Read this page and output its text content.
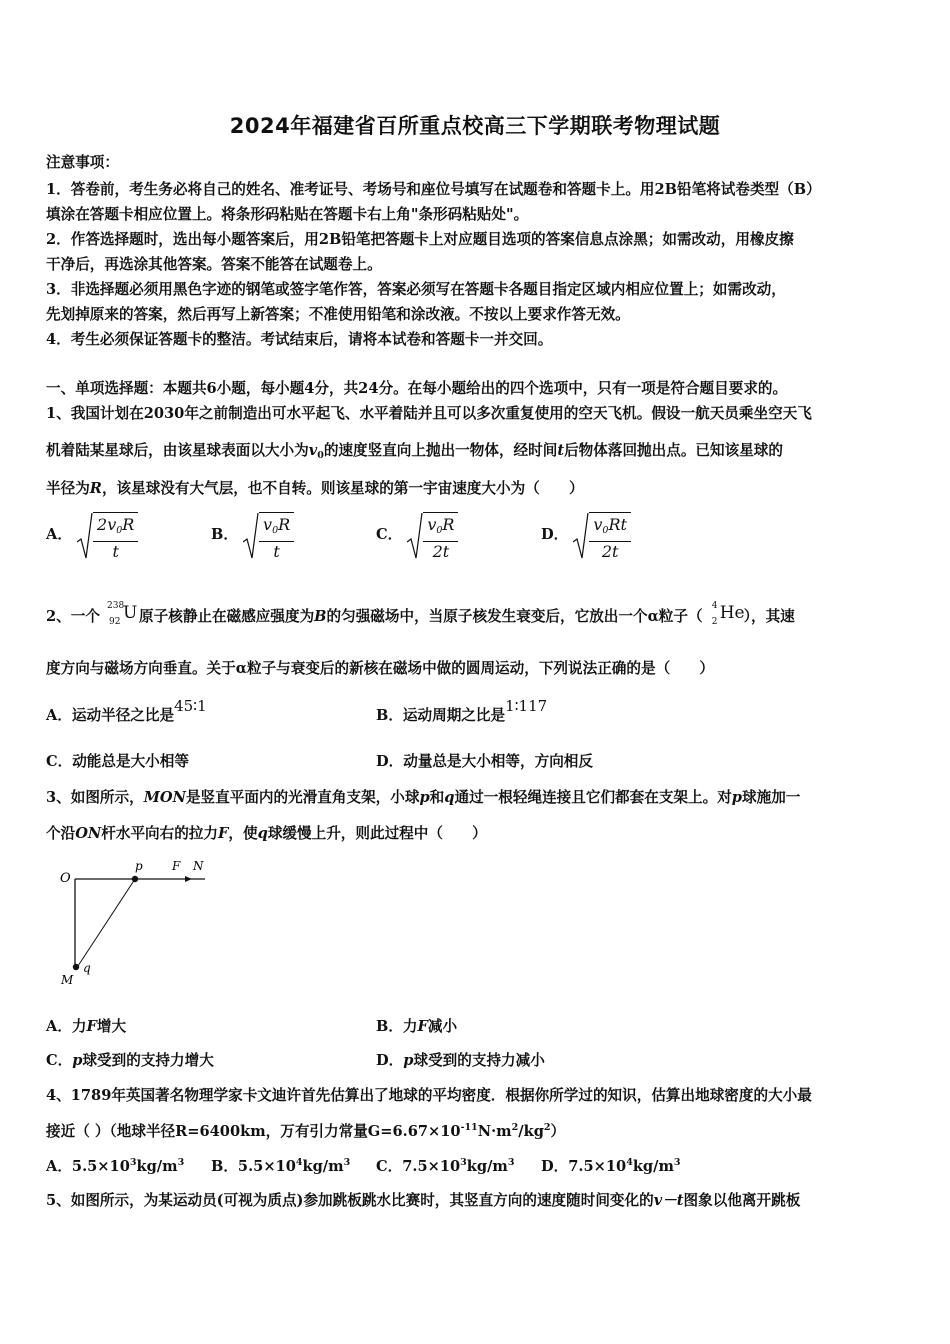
2024年福建省百所重点校高三下学期联考物理试题
注意事项：
1．答卷前，考生务必将自己的姓名、准考证号、考场号和座位号填写在试题卷和答题卡上。用2B铅笔将试卷类型（B）
填涂在答题卡相应位置上。将条形码粘贴在答题卡右上角"条形码粘贴处"。
2．作答选择题时，选出每小题答案后，用2B铅笔把答题卡上对应题目选项的答案信息点涂黑；如需改动，用橡皮擦
干净后，再选涂其他答案。答案不能答在试题卷上。
3．非选择题必须用黑色字迹的钢笔或签字笔作答，答案必须写在答题卡各题目指定区域内相应位置上；如需改动，
先划掉原来的答案，然后再写上新答案；不准使用铅笔和涂改液。不按以上要求作答无效。
4．考生必须保证答题卡的整洁。考试结束后，请将本试卷和答题卡一并交回。
一、单项选择题：本题共6小题，每小题4分，共24分。在每小题给出的四个选项中，只有一项是符合题目要求的。
1、我国计划在2030年之前制造出可水平起飞、水平着陆并且可以多次重复使用的空天飞机。假设一航天员乘坐空天飞
机着陆某星球后，由该星球表面以大小为$v_0$的速度竖直向上抛出一物体，经时间t后物体落回抛出点。已知该星球的
半径为R，该星球没有大气层，也不自转。则该星球的第一宇宙速度大小为（　　）
A． $\frac{2v_0R}{t}$	B． $\frac{v_0R}{t}$	C． $\frac{v_0R}{2t}$	D． $\frac{v_0Rt}{2t}$
2、一个
238
92 U 原子核静止在磁感应强度为B的匀强磁场中，当原子核发生衰变后，它放出一个α粒子（
4
2 He ），其速
度方向与磁场方向垂直。关于α粒子与衰变后的新核在磁场中做的圆周运动，下列说法正确的是（　　）
A．运动半径之比是45∶1
B．运动周期之比是1∶117
C．动能总是大小相等	D．动量总是大小相等，方向相反
3、如图所示，MON是竖直平面内的光滑直角支架，小球p和q通过一根轻绳连接且它们都套在支架上。对p球施加一
个沿ON杆水平向右的拉力F，使q球缓慢上升，则此过程中（　　）
O
p F N
M
q
A．力F增大	B．力F减小
C．p球受到的支持力增大	D．p球受到的支持力减小
4、1789年英国著名物理学家卡文迪许首先估算出了地球的平均密度．根据你所学过的知识，估算出地球密度的大小最
接近（ ）（地球半径R=6400km，万有引力常量$G=6.67\times 10^{-11}N\cdot m^2/kg^2$）
A．$5.5\times 10^3kg/m^3$ B．$5.5\times 10^4kg/m^3$ C．$7.5\times 10^3kg/m^3$ D．$7.5\times 10^4kg/m^3$
5、如图所示，为某运动员(可视为质点)参加跳板跳水比赛时，其竖直方向的速度随时间变化的v－t图象以他离开跳板
